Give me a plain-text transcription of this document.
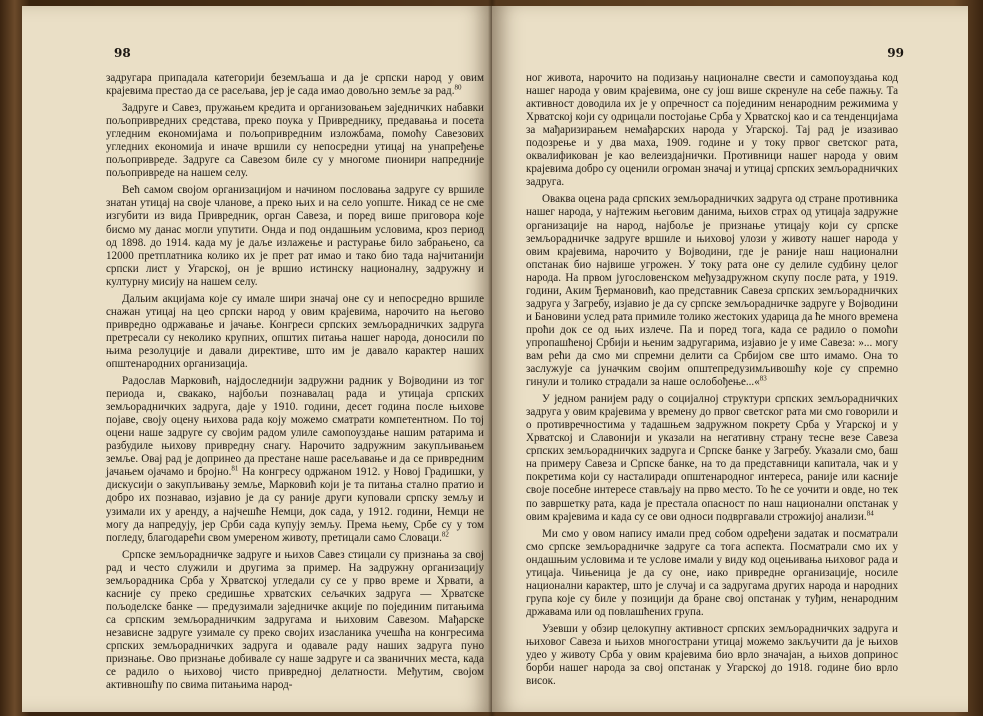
98

задругара припадала категорији беземљаша и да је српски народ у овим крајевима престао да се расељава, јер је сада имао довољно земље за рад.$^{80}$

Задруге и Савез, пружањем кредита и организовањем заједничких набавки пољопривредних средстава, преко поука у Привреднику, предавања и посета угледним економијама и пољопривредним изложбама, помоћу Савезових угледних економија и иначе вршили су непосредни утицај на унапређење пољопривреде. Задруге са Савезом биле су у многоме пионири напредније пољопривреде на нашем селу.

Већ самом својом организацијом и начином пословања задруге су вршиле знатан утицај на своје чланове, а преко њих и на село уопште. Никад се не сме изгубити из вида Привредник, орган Савеза, и поред више приговора које бисмо му данас могли упутити. Онда и под ондашњим условима, кроз период од 1898. до 1914. када му је даље излажење и растурање било забрањено, са 12000 претплатника колико их је прет рат имао и тако био тада најчитанији српски лист у Угарској, он је вршио истинску националну, задружну и културну мисију на нашем селу.

Дальим акцијама које су имале шири значај оне су и непосредно вршиле снажан утицај на цео српски народ у овим крајевима, нарочито на његово привредно одржавање и јачање. Конгреси српских земљорадничких задруга претресали су неколико крупних, општих питања нашег народа, доносили по њима резолуције и давали директиве, што им је давало карактер наших општенародних организација.

Радослав Марковић, најдоследнији задружни радник у Војводини из тог периода и, свакако, најбољи познавалац рада и утицаја српских земљорадничких задруга, даје у 1910. години, десет година после њихове појаве, своју оцену њихова рада коју можемо сматрати компетентном. По тој оцени наше задруге су својим радом улиле самопоуздање нашим ратарима и разбудиле њихову привредну снагу. Нарочито задружним закупљивањем земље. Овај рад је допринео да престане наше расељавање и да се привредним јачањем ојачамо и бројно.$^{81}$ На конгресу одржаном 1912. у Новој Градишки, у дискусији о закупљивању земље, Марковић који је та питања стално пратио и добро их познавао, изјавио је да су раније други куповали српску земљу и узимали их у аренду, а најчешће Немци, док сада, у 1912. години, Немци не могу да напредују, јер Срби сада купују земљу. Према њему, Србе су у том погледу, благодарећи свом умереном животу, претицали само Словаци.$^{82}$

Српске земљорадничке задруге и њихов Савез стицали су признања за свој рад и често служили и другима за пример. На задружну организацију земљорадника Срба у Хрватској угледали су се у прво време и Хрвати, а касније су преко средишње хрватских сељачких задруга — Хрватске пољоделске банке — предузимали заједничке акције по појединим питањима са српским земљорадничким задругама и њиховим Савезом. Мађарске независне задруге узимале су преко својих изасланика учешћа на конгресима српских земљорадничких задруга и одавале раду наших задруга пуно признање. Ово признање добивале су наше задруге и са званичних места, када се радило о њиховој чисто привредној делатности. Међутим, својом активношћу по свима питањима народ-

99

ног живота, нарочито на подизању националне свести и самопоуздања код нашег народа у овим крајевима, оне су још више скренуле на себе пажњу. Та активност доводила их је у опречност са појединим ненародним режимима у Хрватској који су одрицали постојање Срба у Хрватској као и са тенденцијама за мађаризирањем немађарских народа у Угарској. Тај рад је изазивао подозрење и у два маха, 1909. године и у току првог светског рата, оквалификован је као велеиздајнички. Противници нашег народа у овим крајевима добро су оценили огроман значај и утицај српских земљорадничких задруга.

Оваква оцена рада српских земљорадничких задруга од стране противника нашег народа, у најтежим његовим данима, њихов страх од утицаја задружне организације на народ, најбоље је признање утицају који су српске земљорадничке задруге вршиле и њиховој улози у животу нашег народа у овим крајевима, нарочито у Војводини, где је раније наш национални опстанак био највише угрожен. У току рата оне су делиле судбину целог народа. На првом југословенском међузадружном скупу после рата, у 1919. години, Аким Ђермановић, као представник Савеза српских земљорадничких задруга у Загребу, изјавио је да су српске земљорадничке задруге у Војводини и Бановини услед рата примиле толико жестоких ударица да ће много времена проћи док се од њих излече. Па и поред тога, када се радило о помоћи упропашћеној Србији и њеним задругарима, изјавио је у име Савеза: »... могу вам рећи да смо ми спремни делити са Србијом све што имамо. Она то заслужује са јуначким својим општепредузимљивошћу које су спремно гинули и толико страдали за наше ослобођење...«$^{83}$

У једном ранијем раду о социјалној структури српских земљорадничких задруга у овим крајевима у времену до првог светског рата ми смо говорили и о противречностима у тадашњем задружном покрету Срба у Угарској и у Хрватској и Славонији и указали на негативну страну тесне везе Савеза српских земљорадничких задруга и Српске банке у Загребу. Указали смо, баш на примеру Савеза и Српске банке, на то да представници капитала, чак и у покретима који су насталиради општенародног интереса, раније или касније своје посебне интересе стављају на прво место. То ће се уочити и овде, но тек по завршетку рата, када је престала опасност по наш национални опстанак у овим крајевима и када су се ови односи подвргавали строжијој анализи.$^{84}$

Ми смо у овом напису имали пред собом одређени задатак и посматрали смо српске земљорадничке задруге са тога аспекта. Посматрали смо их у ондашњим условима и те услове имали у виду код оцењивања њиховог рада и утицаја. Чињеница је да су оне, иако привредне организације, носиле национални карактер, што је случај и са задругама других народа и народних група које су биле у позицији да бране свој опстанак у туђим, ненародним државама или од повлашћених група.

Узевши у обзир целокупну активност српских земљорадничких задруга и њиховог Савеза и њихов многострани утицај можемо закључити да је њихов удео у животу Срба у овим крајевима био врло значајан, а њихов допринос борби нашег народа за свој опстанак у Угарској до 1918. године био врло висок.
